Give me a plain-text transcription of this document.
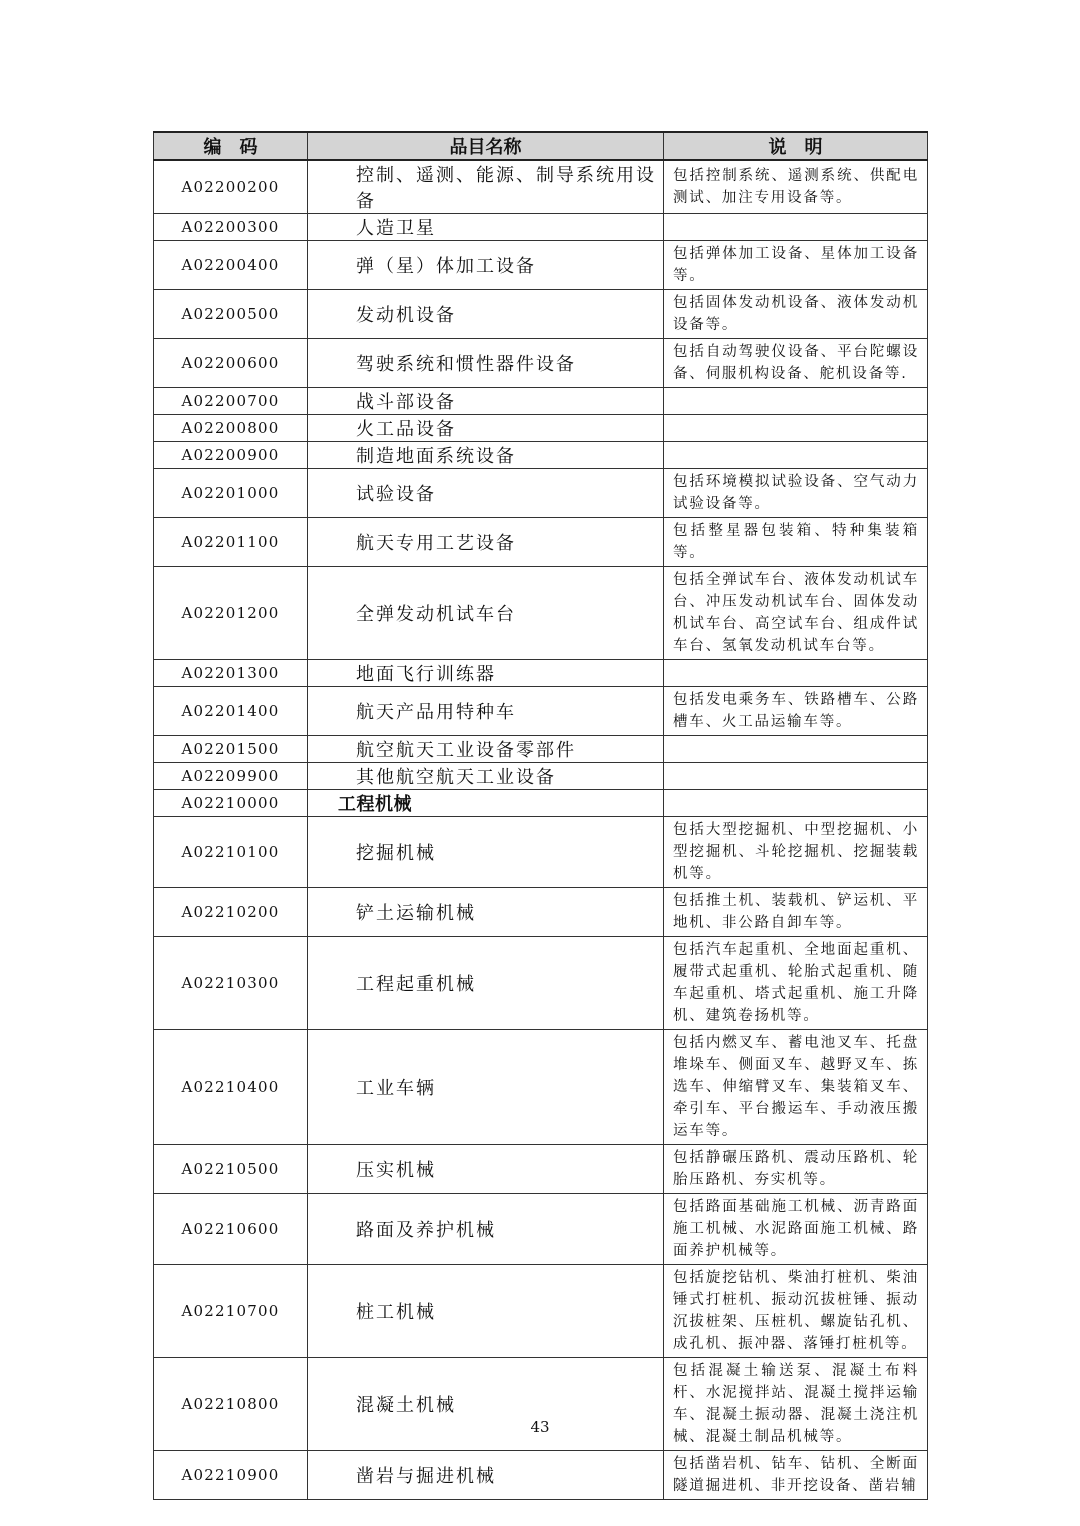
编　码	品目名称	说　明
A02200200	控制、遥测、能源、制导系统用设备	包括控制系统、遥测系统、供配电测试、加注专用设备等。
A02200300	人造卫星	
A02200400	弹（星）体加工设备	包括弹体加工设备、星体加工设备等。
A02200500	发动机设备	包括固体发动机设备、液体发动机设备等。
A02200600	驾驶系统和惯性器件设备	包括自动驾驶仪设备、平台陀螺设备、伺服机构设备、舵机设备等.
A02200700	战斗部设备	
A02200800	火工品设备	
A02200900	制造地面系统设备	
A02201000	试验设备	包括环境模拟试验设备、空气动力试验设备等。
A02201100	航天专用工艺设备	包括整星器包装箱、特种集装箱等。
A02201200	全弹发动机试车台	包括全弹试车台、液体发动机试车台、冲压发动机试车台、固体发动机试车台、高空试车台、组成件试车台、氢氧发动机试车台等。
A02201300	地面飞行训练器	
A02201400	航天产品用特种车	包括发电乘务车、铁路槽车、公路槽车、火工品运输车等。
A02201500	航空航天工业设备零部件	
A02209900	其他航空航天工业设备	
A02210000	工程机械	
A02210100	挖掘机械	包括大型挖掘机、中型挖掘机、小型挖掘机、斗轮挖掘机、挖掘装载机等。
A02210200	铲土运输机械	包括推土机、装载机、铲运机、平地机、非公路自卸车等。
A02210300	工程起重机械	包括汽车起重机、全地面起重机、履带式起重机、轮胎式起重机、随车起重机、塔式起重机、施工升降机、建筑卷扬机等。
A02210400	工业车辆	包括内燃叉车、蓄电池叉车、托盘堆垛车、侧面叉车、越野叉车、拣选车、伸缩臂叉车、集装箱叉车、牵引车、平台搬运车、手动液压搬运车等。
A02210500	压实机械	包括静碾压路机、震动压路机、轮胎压路机、夯实机等。
A02210600	路面及养护机械	包括路面基础施工机械、沥青路面施工机械、水泥路面施工机械、路面养护机械等。
A02210700	桩工机械	包括旋挖钻机、柴油打桩机、柴油锤式打桩机、振动沉拔桩锤、振动沉拔桩架、压桩机、螺旋钻孔机、成孔机、振冲器、落锤打桩机等。
A02210800	混凝土机械	包括混凝土输送泵、混凝土布料杆、水泥搅拌站、混凝土搅拌运输车、混凝土振动器、混凝土浇注机械、混凝土制品机械等。
A02210900	凿岩与掘进机械	包括凿岩机、钻车、钻机、全断面隧道掘进机、非开挖设备、凿岩辅
43
